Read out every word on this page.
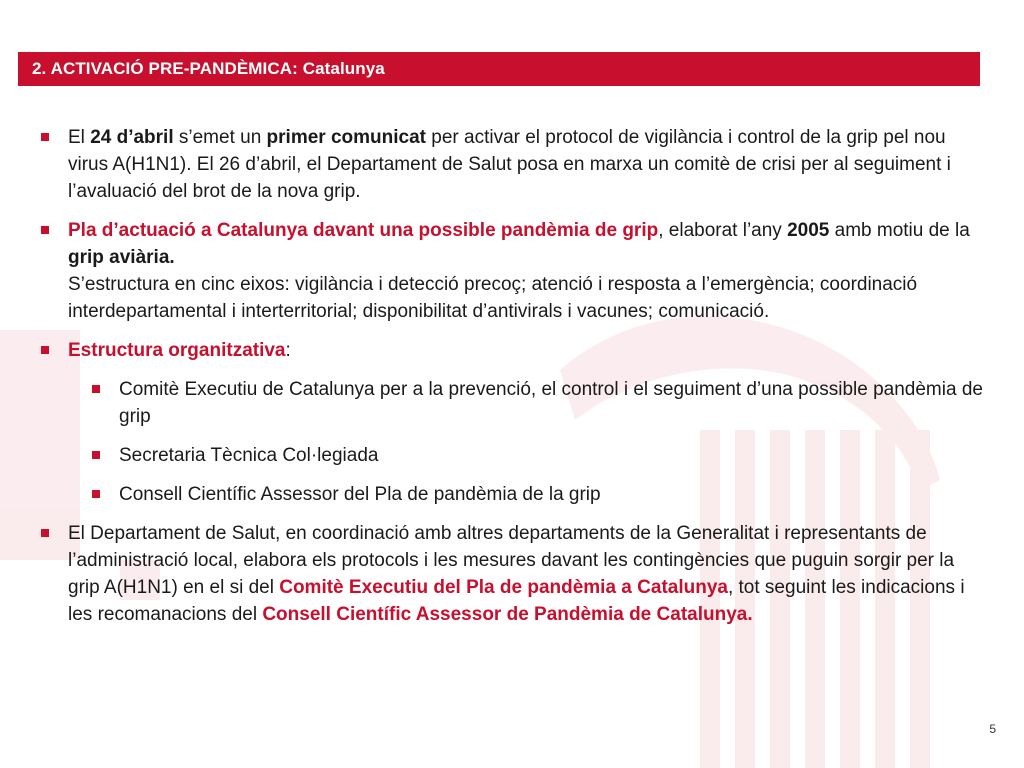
2. ACTIVACIÓ PRE-PANDÈMICA: Catalunya
El 24 d’abril s’emet un primer comunicat per activar el protocol de vigilància i control de la grip pel nou virus A(H1N1). El 26 d’abril, el Departament de Salut posa en marxa un comitè de crisi per al seguiment i l’avaluació del brot de la nova grip.
Pla d’actuació a Catalunya davant una possible pandèmia de grip, elaborat l’any 2005 amb motiu de la grip aviària.
S’estructura en cinc eixos: vigilància i detecció precoç; atenció i resposta a l’emergència; coordinació interdepartamental i interterritorial; disponibilitat d’antivirals i vacunes; comunicació.
Estructura organitzativa:
Comitè Executiu de Catalunya per a la prevenció, el control i el seguiment d’una possible pandèmia de grip
Secretaria Tècnica Col·legiada
Consell Científic Assessor del Pla de pandèmia de la grip
El Departament de Salut, en coordinació amb altres departaments de la Generalitat i representants de l’administració local, elabora els protocols i les mesures davant les contingències que puguin sorgir per la grip A(H1N1) en el si del Comitè Executiu del Pla de pandèmia a Catalunya, tot seguint les indicacions i les recomanacions del Consell Científic Assessor de Pandèmia de Catalunya.
5
